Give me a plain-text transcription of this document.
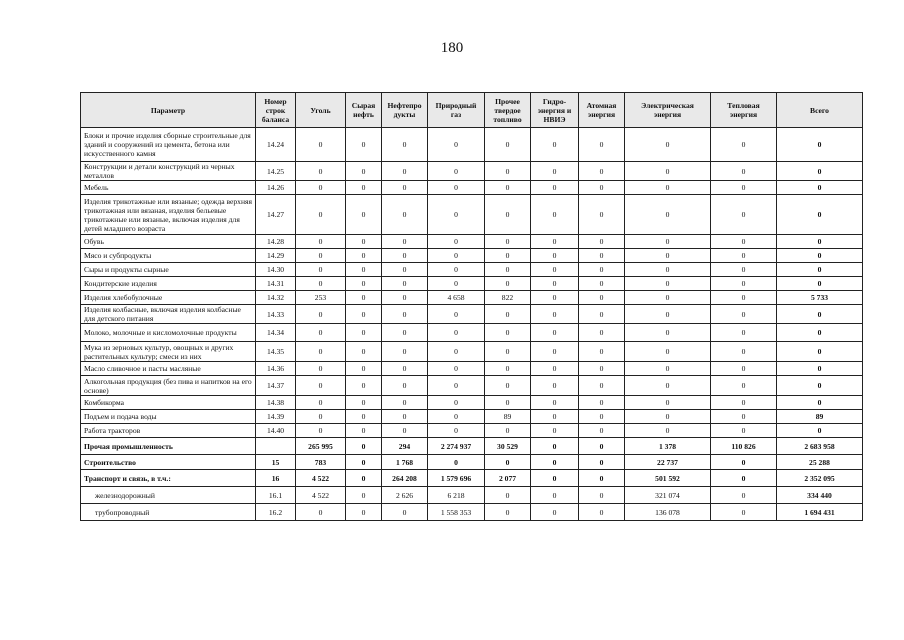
180
Параметр	Номер строк баланса	Уголь	Сырая нефть	Нефтепро дукты	Природный газ	Прочее твердое топливо	Гидро-энергия и НВИЭ	Атомная энергия	Электрическая энергия	Тепловая энергия	Всего
Блоки и прочие изделия сборные строительные для зданий и сооружений из цемента, бетона или искусственного камня	14.24	0	0	0	0	0	0	0	0	0	0
Конструкции и детали конструкций из черных металлов	14.25	0	0	0	0	0	0	0	0	0	0
Мебель	14.26	0	0	0	0	0	0	0	0	0	0
Изделия трикотажные или вязаные; одежда верхняя трикотажная или вязаная, изделия бельевые трикотажные или вязаные, включая изделия для детей младшего возраста	14.27	0	0	0	0	0	0	0	0	0	0
Обувь	14.28	0	0	0	0	0	0	0	0	0	0
Мясо и субпродукты	14.29	0	0	0	0	0	0	0	0	0	0
Сыры и продукты сырные	14.30	0	0	0	0	0	0	0	0	0	0
Кондитерские изделия	14.31	0	0	0	0	0	0	0	0	0	0
Изделия хлебобулочные	14.32	253	0	0	4 658	822	0	0	0	0	5 733
Изделия колбасные, включая изделия колбасные для детского питания	14.33	0	0	0	0	0	0	0	0	0	0
Молоко, молочные и кисломолочные продукты	14.34	0	0	0	0	0	0	0	0	0	0
Мука из зерновых культур, овощных и других растительных культур; смеси из них	14.35	0	0	0	0	0	0	0	0	0	0
Масло сливочное и пасты масляные	14.36	0	0	0	0	0	0	0	0	0	0
Алкогольная продукция (без пива и напитков на его основе)	14.37	0	0	0	0	0	0	0	0	0	0
Комбикорма	14.38	0	0	0	0	0	0	0	0	0	0
Подъем и подача воды	14.39	0	0	0	0	89	0	0	0	0	89
Работа тракторов	14.40	0	0	0	0	0	0	0	0	0	0
Прочая промышленность		265 995	0	294	2 274 937	30 529	0	0	1 378	110 826	2 683 958
Строительство	15	783	0	1 768	0	0	0	0	22 737	0	25 288
Транспорт и связь, в т.ч.:	16	4 522	0	264 208	1 579 696	2 077	0	0	501 592	0	2 352 095
железнодорожный	16.1	4 522	0	2 626	6 218	0	0	0	321 074	0	334 440
трубопроводный	16.2	0	0	0	1 558 353	0	0	0	136 078	0	1 694 431
